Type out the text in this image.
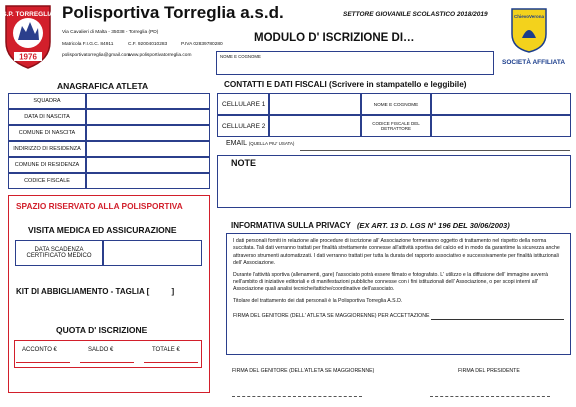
S.P. TORREGLIA
1976
Polisportiva Torreglia a.s.d.	SETTORE GIOVANILE SCOLASTICO 2018/2019
Via Cavalieri di Malta - 35038 - Torreglia (PD)
Matricola F.I.G.C. 84911	C.F. 92004010283	P.IVA 02839780280
polisportivatorreglia@gmail.com
www.polisportivatorreglia.com
MODULO D' ISCRIZIONE DI…
NOME E COGNOME
ChievoVerona
SOCIETÀ AFFILIATA
ANAGRAFICA ATLETA
SQUADRA
DATA DI NASCITA
COMUNE DI NASCITA
INDIRIZZO DI RESIDENZA
COMUNE DI RESIDENZA
CODICE FISCALE
CONTATTI E DATI FISCALI (Scrivere in stampatello e leggibile)
CELLULARE 1	NOME E COGNOME
CELLULARE 2	CODICE FISCALE DEL DETRATTORE
EMAIL (QUELLA PIU' USATA)
NOTE
SPAZIO RISERVATO ALLA POLISPORTIVA
VISITA MEDICA ED ASSICURAZIONE
DATA SCADENZA CERTIFICATO MEDICO
KIT DI ABBIGLIAMENTO - TAGLIA [          ]
QUOTA D' ISCRIZIONE
ACCONTO €	SALDO €	TOTALE €
INFORMATIVA SULLA PRIVACY (EX ART. 13 D. LGS N° 196 DEL 30/06/2003)

I dati personali forniti in relazione alle procedure di iscrizione all' Associazione formeranno oggetto di trattamento nel rispetto della norma succitata. Tali dati verranno trattati per finalità strettamente connesse all'attività sportiva del calcio ed in modo da garantirne la sicurezza anche attraverso strumenti automatizzati. I dati verranno trattati per tutta la durata del rapporto associativo e successivamente per finalità istituzionali dell' Associazione.

Durante l'attività sportiva (allenamenti, gare) l'associato potrà essere filmato e fotografato. L' utilizzo e la diffusione dell' immagine avverrà nell'ambito di iniziative editoriali e di manifestazioni pubbliche connesse con i fini istituzionali dell' Associazione, o per scopi interni all' Associazione quali analisi tecniche/tattiche/coordinative dell'associato.

Titolare del trattamento dei dati personali è la Polisportiva Torreglia A.S.D.

FIRMA DEL GENITORE (DELL' ATLETA SE MAGGIORENNE) PER ACCETTAZIONE
FIRMA DEL GENITORE (DELL'ATLETA SE MAGGIORENNE)	FIRMA DEL PRESIDENTE
